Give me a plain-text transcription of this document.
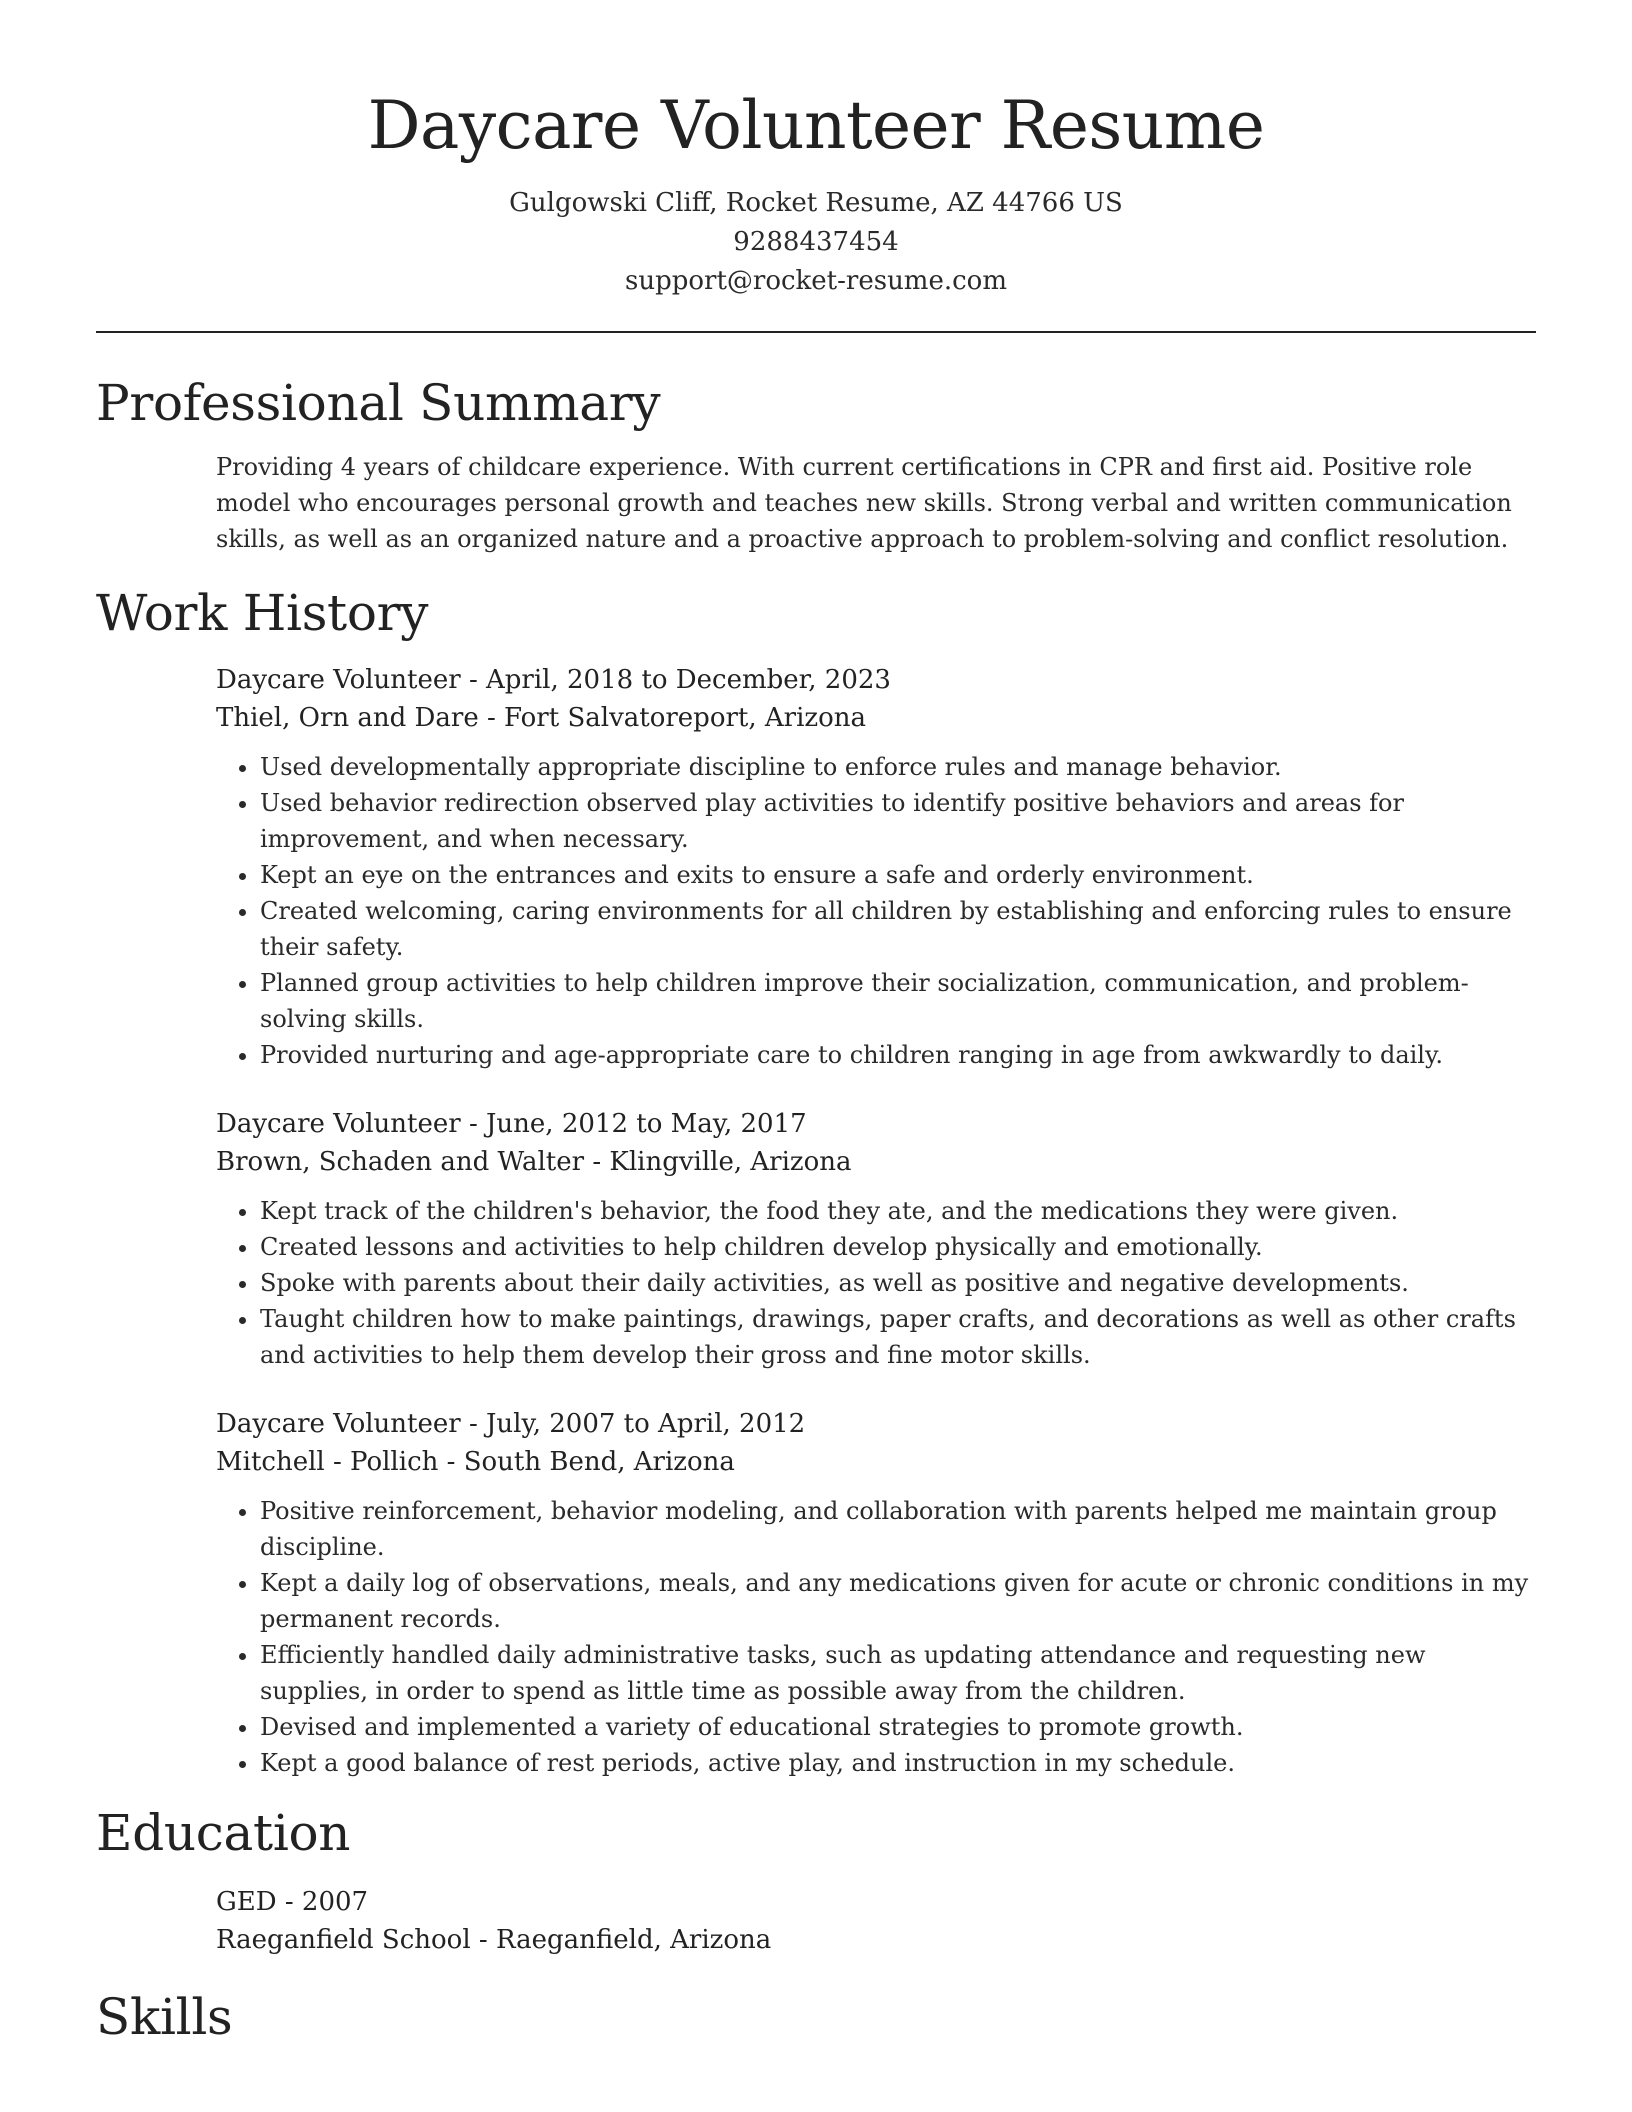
Daycare Volunteer Resume
Gulgowski Cliff, Rocket Resume, AZ 44766 US
9288437454
support@rocket-resume.com
Professional Summary

Providing 4 years of childcare experience. With current certifications in CPR and first aid. Positive role model who encourages personal growth and teaches new skills. Strong verbal and written communication skills, as well as an organized nature and a proactive approach to problem-solving and conflict resolution.

Work History
Daycare Volunteer - April, 2018 to December, 2023
Thiel, Orn and Dare - Fort Salvatoreport, Arizona
• Used developmentally appropriate discipline to enforce rules and manage behavior.
• Used behavior redirection observed play activities to identify positive behaviors and areas for improvement, and when necessary.
• Kept an eye on the entrances and exits to ensure a safe and orderly environment.
• Created welcoming, caring environments for all children by establishing and enforcing rules to ensure their safety.
• Planned group activities to help children improve their socialization, communication, and problem-solving skills.
• Provided nurturing and age-appropriate care to children ranging in age from awkwardly to daily.
Daycare Volunteer - June, 2012 to May, 2017
Brown, Schaden and Walter - Klingville, Arizona
• Kept track of the children's behavior, the food they ate, and the medications they were given.
• Created lessons and activities to help children develop physically and emotionally.
• Spoke with parents about their daily activities, as well as positive and negative developments.
• Taught children how to make paintings, drawings, paper crafts, and decorations as well as other crafts and activities to help them develop their gross and fine motor skills.
Daycare Volunteer - July, 2007 to April, 2012
Mitchell - Pollich - South Bend, Arizona
• Positive reinforcement, behavior modeling, and collaboration with parents helped me maintain group discipline.
• Kept a daily log of observations, meals, and any medications given for acute or chronic conditions in my permanent records.
• Efficiently handled daily administrative tasks, such as updating attendance and requesting new supplies, in order to spend as little time as possible away from the children.
• Devised and implemented a variety of educational strategies to promote growth.
• Kept a good balance of rest periods, active play, and instruction in my schedule.
Education
GED - 2007
Raeganfield School - Raeganfield, Arizona
Skills
